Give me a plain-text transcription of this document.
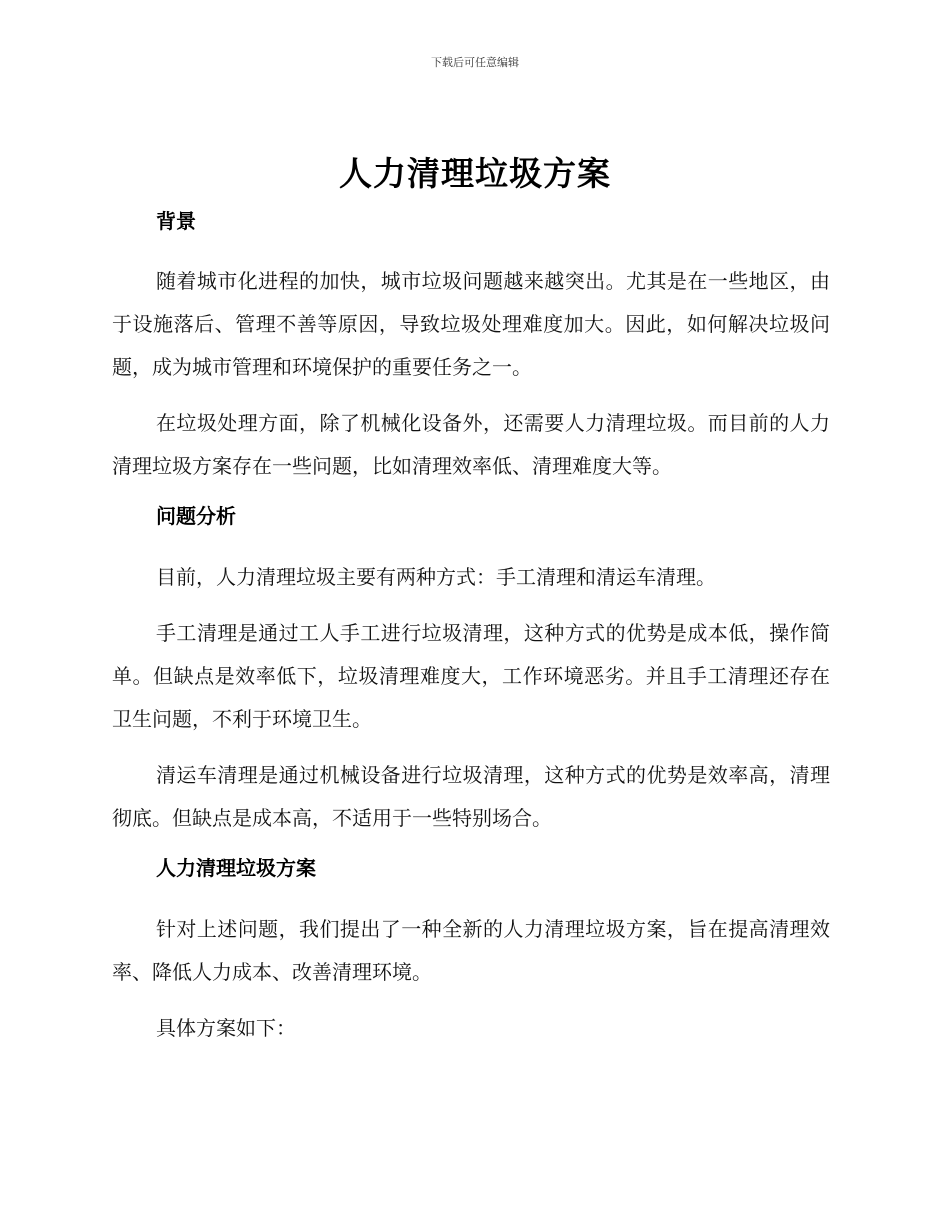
下载后可任意编辑
人力清理垃圾方案
背景
随着城市化进程的加快，城市垃圾问题越来越突出。尤其是在一些地区，由于设施落后、管理不善等原因，导致垃圾处理难度加大。因此，如何解决垃圾问题，成为城市管理和环境保护的重要任务之一。
在垃圾处理方面，除了机械化设备外，还需要人力清理垃圾。而目前的人力清理垃圾方案存在一些问题，比如清理效率低、清理难度大等。
问题分析
目前，人力清理垃圾主要有两种方式：手工清理和清运车清理。
手工清理是通过工人手工进行垃圾清理，这种方式的优势是成本低，操作简单。但缺点是效率低下，垃圾清理难度大，工作环境恶劣。并且手工清理还存在卫生问题，不利于环境卫生。
清运车清理是通过机械设备进行垃圾清理，这种方式的优势是效率高，清理彻底。但缺点是成本高，不适用于一些特别场合。
人力清理垃圾方案
针对上述问题，我们提出了一种全新的人力清理垃圾方案，旨在提高清理效率、降低人力成本、改善清理环境。
具体方案如下：
